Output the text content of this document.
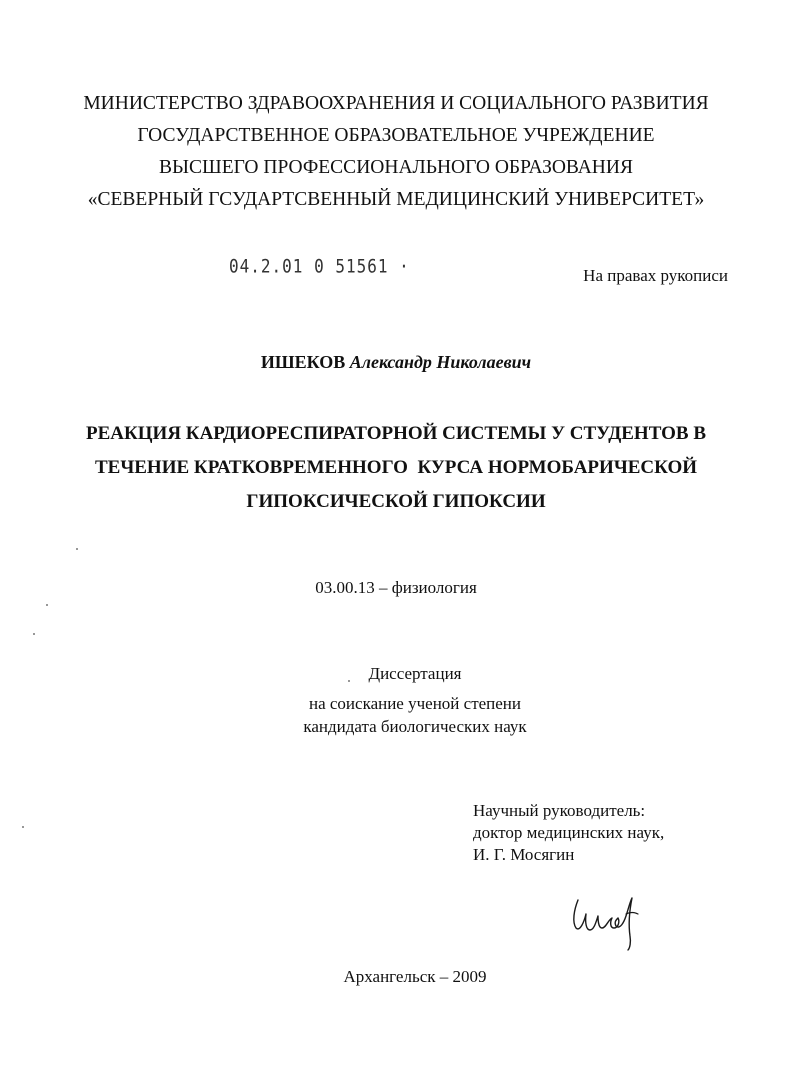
МИНИСТЕРСТВО ЗДРАВООХРАНЕНИЯ И СОЦИАЛЬНОГО РАЗВИТИЯ
ГОСУДАРСТВЕННОЕ ОБРАЗОВАТЕЛЬНОЕ УЧРЕЖДЕНИЕ
ВЫСШЕГО ПРОФЕССИОНАЛЬНОГО ОБРАЗОВАНИЯ
«СЕВЕРНЫЙ ГСУДАРТСВЕННЫЙ МЕДИЦИНСКИЙ УНИВЕРСИТЕТ»
04.2.01 0 51561 ·	На правах рукописи
ИШЕКОВ Александр Николаевич
РЕАКЦИЯ КАРДИОРЕСПИРАТОРНОЙ СИСТЕМЫ У СТУДЕНТОВ В
ТЕЧЕНИЕ КРАТКОВРЕМЕННОГО  КУРСА НОРМОБАРИЧЕСКОЙ
ГИПОКСИЧЕСКОЙ ГИПОКСИИ
03.00.13 – физиология
Диссертация
на соискание ученой степени
кандидата биологических наук
Научный руководитель:
доктор медицинских наук,
И. Г. Мосягин
Архангельск – 2009
